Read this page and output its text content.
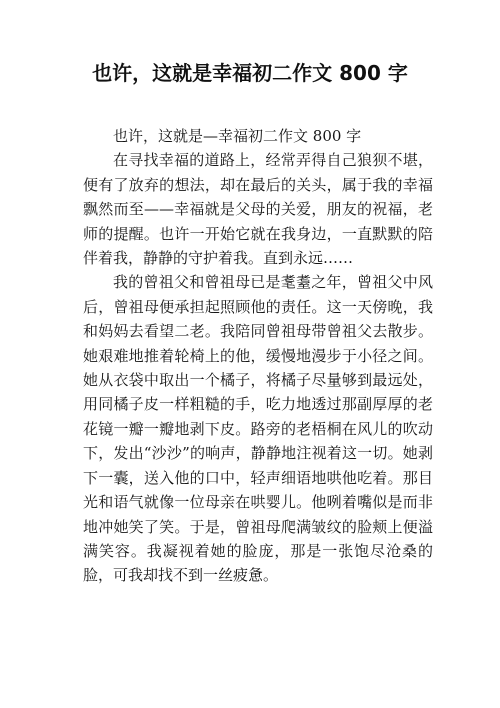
也许，这就是幸福初二作文 800 字

也许，这就是—幸福初二作文 800 字

在寻找幸福的道路上，经常弄得自己狼狈不堪，便有了放弃的想法，却在最后的关头，属于我的幸福飘然而至——幸福就是父母的关爱，朋友的祝福，老师的提醒。也许一开始它就在我身边，一直默默的陪伴着我，静静的守护着我。直到永远……

我的曾祖父和曾祖母已是耄耋之年，曾祖父中风后，曾祖母便承担起照顾他的责任。这一天傍晚，我和妈妈去看望二老。我陪同曾祖母带曾祖父去散步。她艰难地推着轮椅上的他，缓慢地漫步于小径之间。她从衣袋中取出一个橘子，将橘子尽量够到最远处，用同橘子皮一样粗糙的手，吃力地透过那副厚厚的老花镜一瓣一瓣地剥下皮。路旁的老梧桐在风儿的吹动下，发出“沙沙”的响声，静静地注视着这一切。她剥下一囊，送入他的口中，轻声细语地哄他吃着。那目光和语气就像一位母亲在哄婴儿。他咧着嘴似是而非地冲她笑了笑。于是，曾祖母爬满皱纹的脸颊上便溢满笑容。我凝视着她的脸庞，那是一张饱尽沧桑的脸，可我却找不到一丝疲惫。
